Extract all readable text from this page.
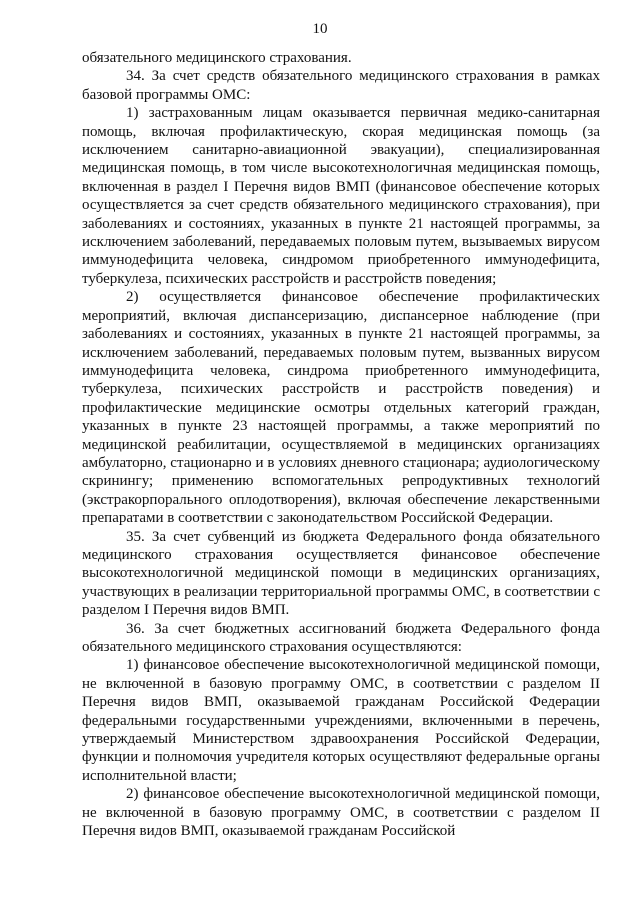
10

обязательного медицинского страхования.

34. За счет средств обязательного медицинского страхования в рамках базовой программы ОМС:

1) застрахованным лицам оказывается первичная медико-санитарная помощь, включая профилактическую, скорая медицинская помощь (за исключением санитарно-авиационной эвакуации), специализированная медицинская помощь, в том числе высокотехнологичная медицинская помощь, включенная в раздел I Перечня видов ВМП (финансовое обеспечение которых осуществляется за счет средств обязательного медицинского страхования), при заболеваниях и состояниях, указанных в пункте 21 настоящей программы, за исключением заболеваний, передаваемых половым путем, вызываемых вирусом иммунодефицита человека, синдромом приобретенного иммунодефицита, туберкулеза, психических расстройств и расстройств поведения;

2) осуществляется финансовое обеспечение профилактических мероприятий, включая диспансеризацию, диспансерное наблюдение (при заболеваниях и состояниях, указанных в пункте 21 настоящей программы, за исключением заболеваний, передаваемых половым путем, вызванных вирусом иммунодефицита человека, синдрома приобретенного иммунодефицита, туберкулеза, психических расстройств и расстройств поведения) и профилактические медицинские осмотры отдельных категорий граждан, указанных в пункте 23 настоящей программы, а также мероприятий по медицинской реабилитации, осуществляемой в медицинских организациях амбулаторно, стационарно и в условиях дневного стационара; аудиологическому скринингу; применению вспомогательных репродуктивных технологий (экстракорпорального оплодотворения), включая обеспечение лекарственными препаратами в соответствии с законодательством Российской Федерации.

35. За счет субвенций из бюджета Федерального фонда обязательного медицинского страхования осуществляется финансовое обеспечение высокотехнологичной медицинской помощи в медицинских организациях, участвующих в реализации территориальной программы ОМС, в соответствии с разделом I Перечня видов ВМП.

36. За счет бюджетных ассигнований бюджета Федерального фонда обязательного медицинского страхования осуществляются:

1) финансовое обеспечение высокотехнологичной медицинской помощи, не включенной в базовую программу ОМС, в соответствии с разделом II Перечня видов ВМП, оказываемой гражданам Российской Федерации федеральными государственными учреждениями, включенными в перечень, утверждаемый Министерством здравоохранения Российской Федерации, функции и полномочия учредителя которых осуществляют федеральные органы исполнительной власти;

2) финансовое обеспечение высокотехнологичной медицинской помощи, не включенной в базовую программу ОМС, в соответствии с разделом II Перечня видов ВМП, оказываемой гражданам Российской
